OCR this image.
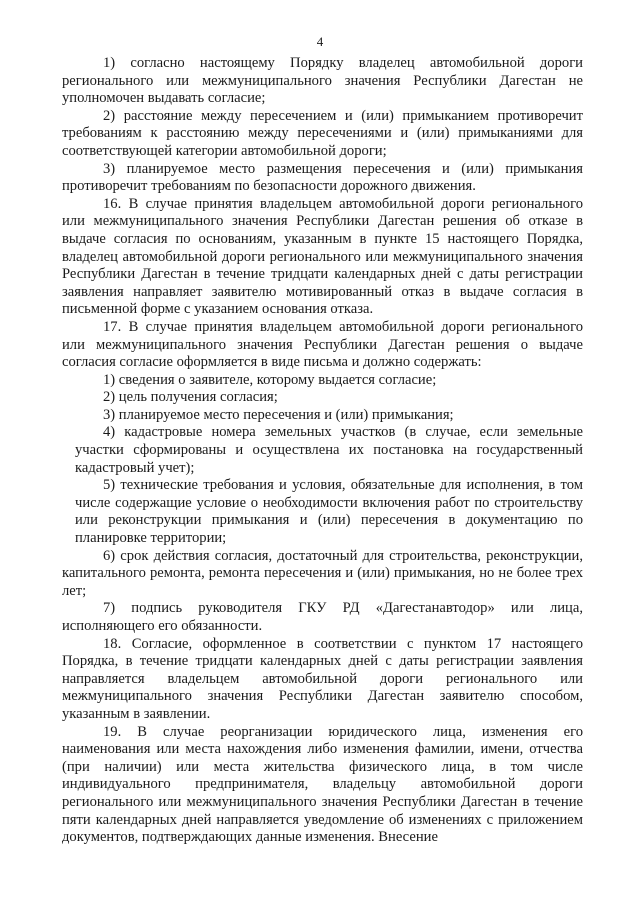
4

1) согласно настоящему Порядку владелец автомобильной дороги регионального или межмуниципального значения Республики Дагестан не уполномочен выдавать согласие;

2) расстояние между пересечением и (или) примыканием противоречит требованиям к расстоянию между пересечениями и (или) примыканиями для соответствующей категории автомобильной дороги;

3) планируемое место размещения пересечения и (или) примыкания противоречит требованиям по безопасности дорожного движения.

16. В случае принятия владельцем автомобильной дороги регионального или межмуниципального значения Республики Дагестан решения об отказе в выдаче согласия по основаниям, указанным в пункте 15 настоящего Порядка, владелец автомобильной дороги регионального или межмуниципального значения Республики Дагестан в течение тридцати календарных дней с даты регистрации заявления направляет заявителю мотивированный отказ в выдаче согласия в письменной форме с указанием основания отказа.

17. В случае принятия владельцем автомобильной дороги регионального или межмуниципального значения Республики Дагестан решения о выдаче согласия согласие оформляется в виде письма и должно содержать:

1) сведения о заявителе, которому выдается согласие;

2) цель получения согласия;

3) планируемое место пересечения и (или) примыкания;

4) кадастровые номера земельных участков (в случае, если земельные участки сформированы и осуществлена их постановка на государственный кадастровый учет);

5) технические требования и условия, обязательные для исполнения, в том числе содержащие условие о необходимости включения работ по строительству или реконструкции примыкания и (или) пересечения в документацию по планировке территории;

6) срок действия согласия, достаточный для строительства, реконструкции, капитального ремонта, ремонта пересечения и (или) примыкания, но не более трех лет;

7) подпись руководителя ГКУ РД «Дагестанавтодор» или лица, исполняющего его обязанности.

18. Согласие, оформленное в соответствии с пунктом 17 настоящего Порядка, в течение тридцати календарных дней с даты регистрации заявления направляется владельцем автомобильной дороги регионального или межмуниципального значения Республики Дагестан заявителю способом, указанным в заявлении.

19. В случае реорганизации юридического лица, изменения его наименования или места нахождения либо изменения фамилии, имени, отчества (при наличии) или места жительства физического лица, в том числе индивидуального предпринимателя, владельцу автомобильной дороги регионального или межмуниципального значения Республики Дагестан в течение пяти календарных дней направляется уведомление об изменениях с приложением документов, подтверждающих данные изменения. Внесение
